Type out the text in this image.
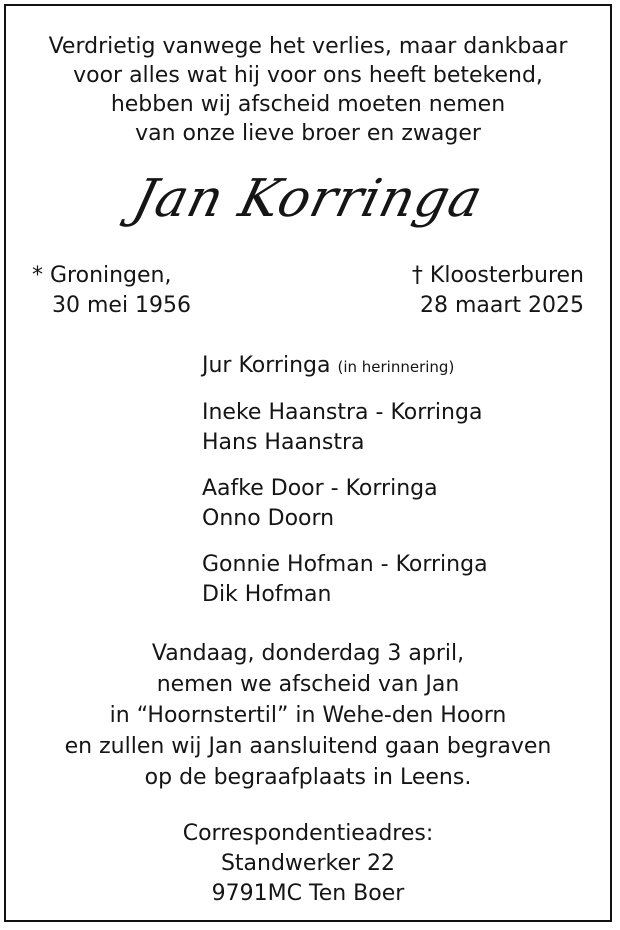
Verdrietig vanwege het verlies, maar dankbaar
voor alles wat hij voor ons heeft betekend,
hebben wij afscheid moeten nemen
van onze lieve broer en zwager
Jan Korringa
* Groningen,
30 mei 1956
† Kloosterburen
28 maart 2025
Jur Korringa (in herinnering)
Ineke Haanstra - Korringa
Hans Haanstra
Aafke Door - Korringa
Onno Doorn
Gonnie Hofman - Korringa
Dik Hofman
Vandaag, donderdag 3 april,
nemen we afscheid van Jan
in “Hoornstertil” in Wehe-den Hoorn
en zullen wij Jan aansluitend gaan begraven
op de begraafplaats in Leens.
Correspondentieadres:
Standwerker 22
9791MC Ten Boer
